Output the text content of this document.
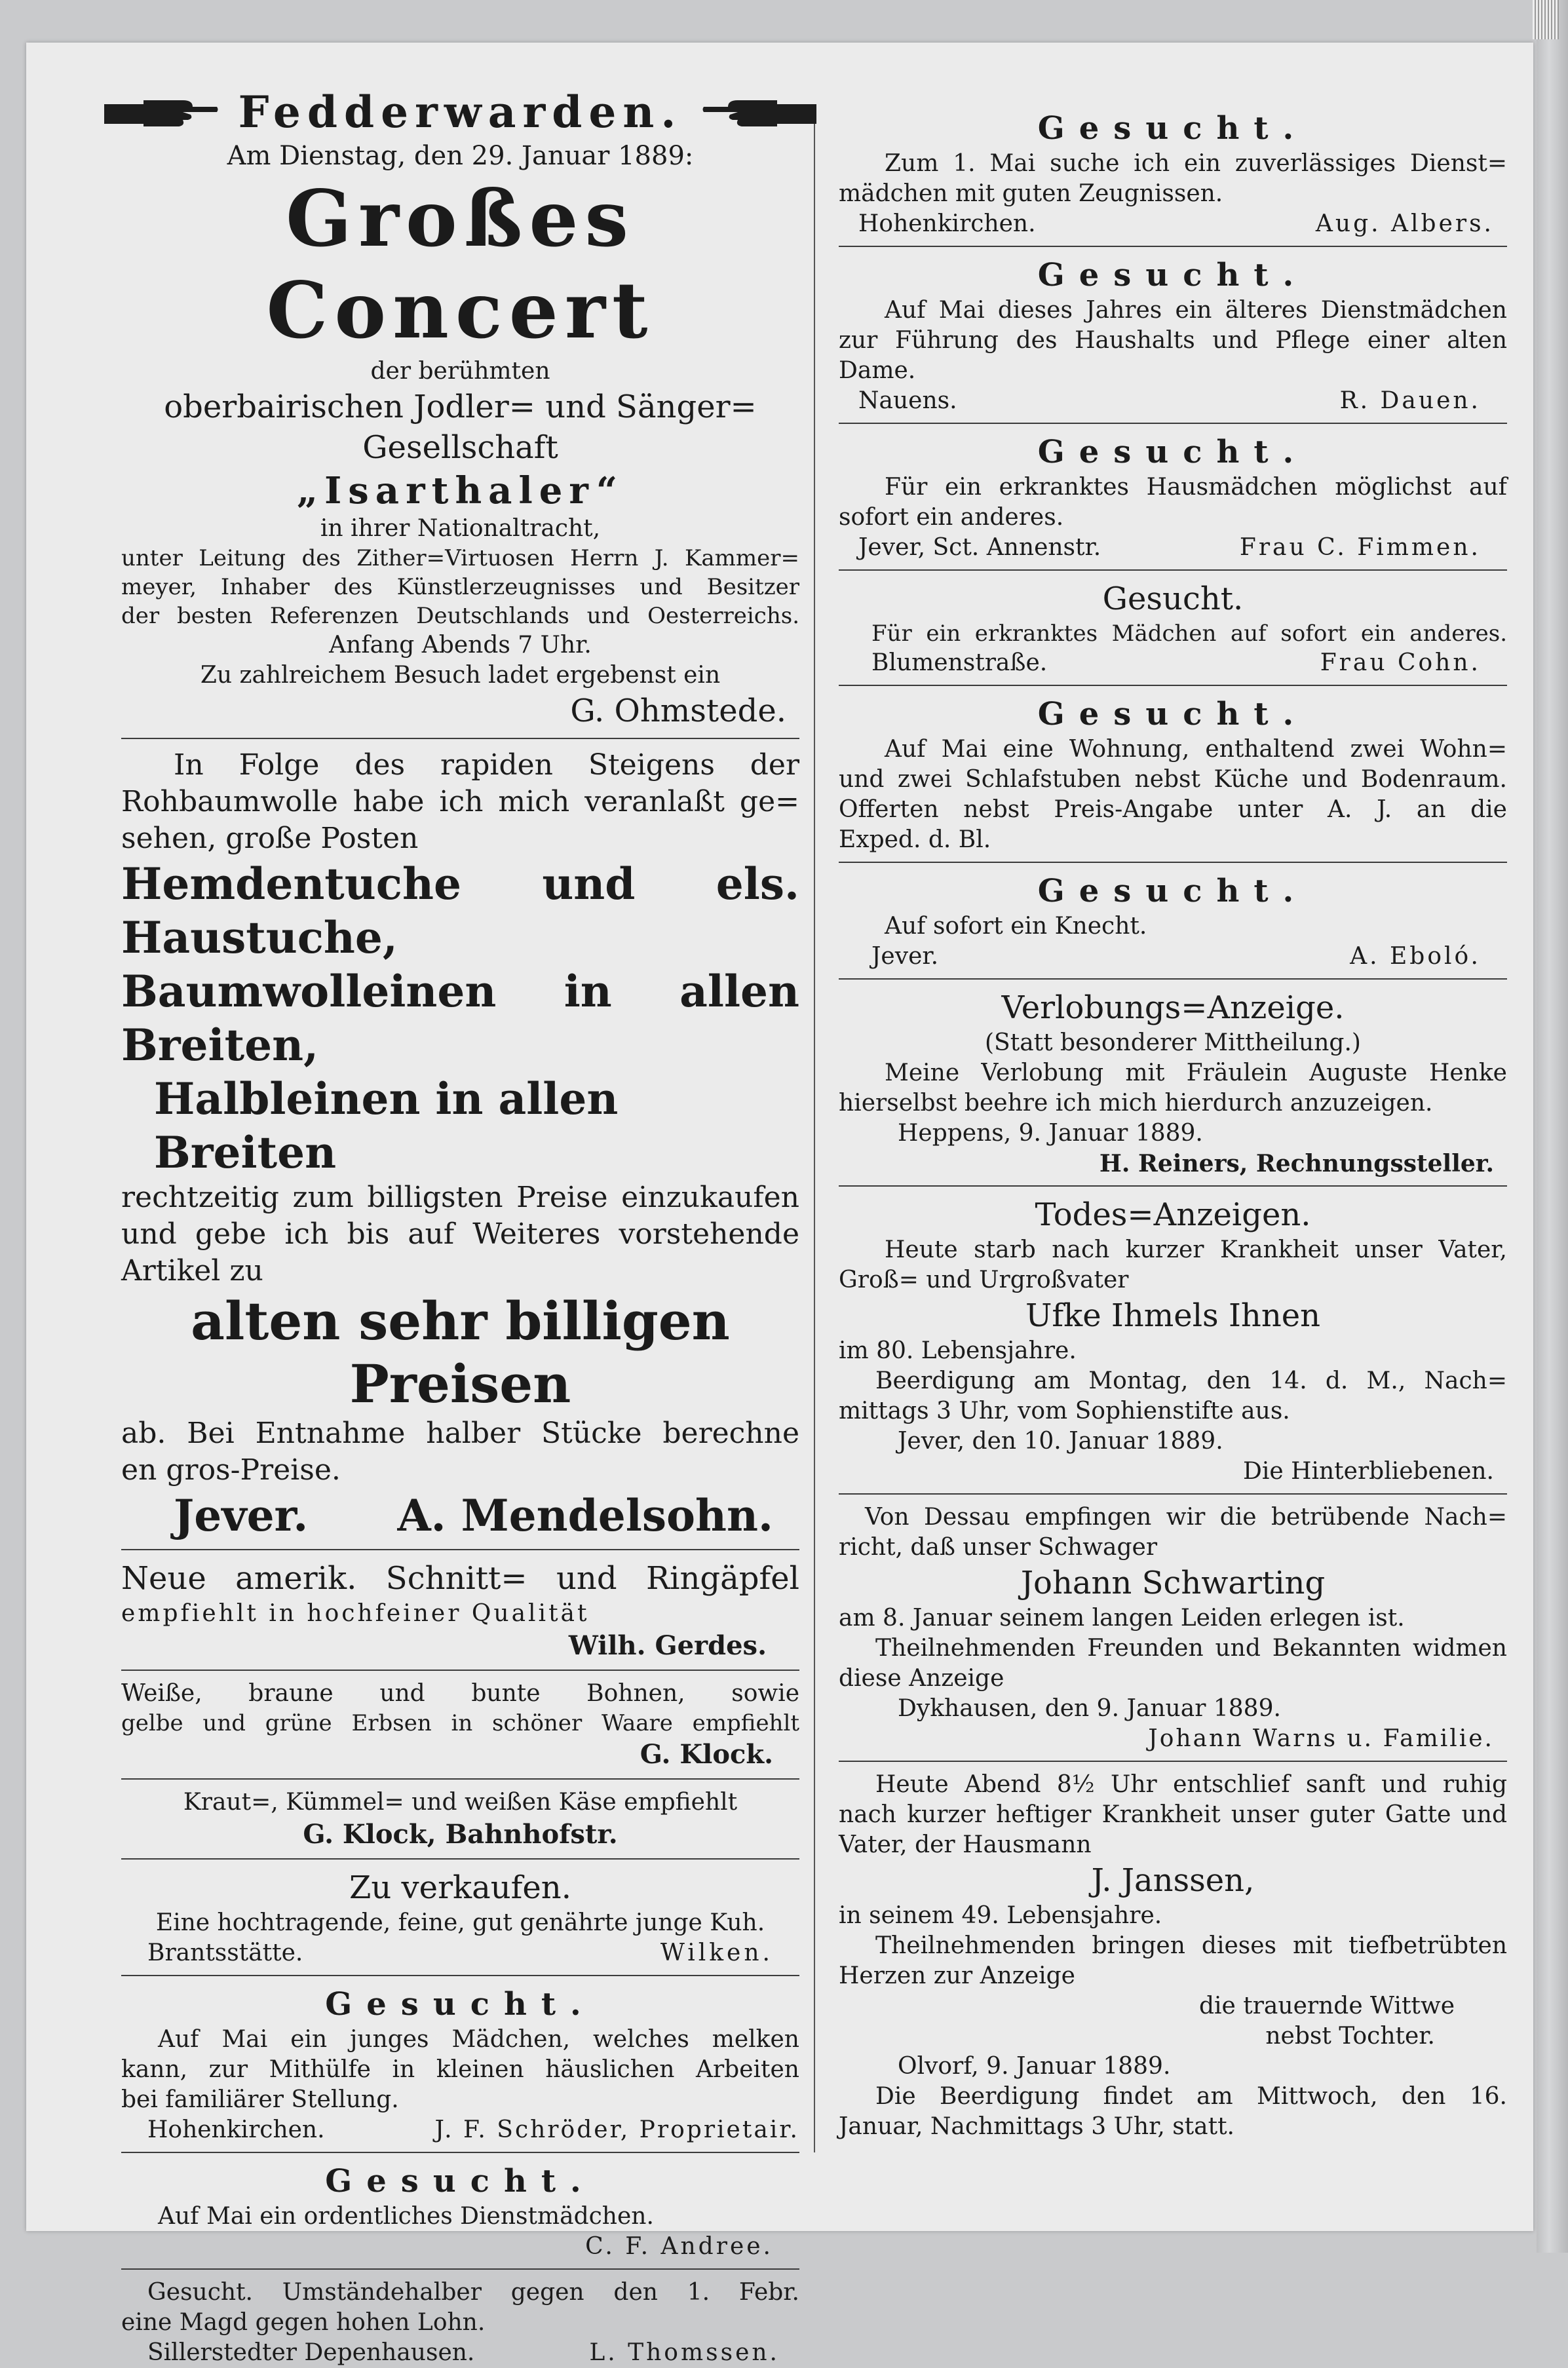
Fedderwarden.

Am Dienstag, den 29. Januar 1889:

Großes Concert

der berühmten

oberbairischen Jodler= und Sänger=

Gesellschaft

„Isarthaler“

in ihrer Nationaltracht,

unter Leitung des Zither=Virtuosen Herrn J. Kammer=

meyer, Inhaber des Künstlerzeugnisses und Besitzer

der besten Referenzen Deutschlands und Oesterreichs.

Anfang Abends 7 Uhr.

Zu zahlreichem Besuch ladet ergebenst ein

G. Ohmstede.

In Folge des rapiden Steigens der

Rohbaumwolle habe ich mich veranlaßt ge=

sehen, große Posten

Hemdentuche und els. Haustuche,

Baumwolleinen in allen Breiten,

Halbleinen in allen Breiten

rechtzeitig zum billigsten Preise einzukaufen

und gebe ich bis auf Weiteres vorstehende

Artikel zu

alten sehr billigen

Preisen

ab. Bei Entnahme halber Stücke berechne

en gros-Preise.

Jever. A. Mendelsohn.

Neue amerik. Schnitt= und Ringäpfel

empfiehlt in hochfeiner Qualität

Wilh. Gerdes.

Weiße, braune und bunte Bohnen, sowie

gelbe und grüne Erbsen in schöner Waare empfiehlt

G. Klock.

Kraut=, Kümmel= und weißen Käse empfiehlt

G. Klock, Bahnhofstr.

Zu verkaufen.

Eine hochtragende, feine, gut genährte junge Kuh.

Brantsstätte.	Wilken.

Gesucht.

Auf Mai ein junges Mädchen, welches melken

kann, zur Mithülfe in kleinen häuslichen Arbeiten

bei familiärer Stellung.

Hohenkirchen.	J. F. Schröder, Proprietair.

Gesucht.

Auf Mai ein ordentliches Dienstmädchen.

C. F. Andree.

Gesucht. Umständehalber gegen den 1. Febr.

eine Magd gegen hohen Lohn.

Sillerstedter Depenhausen.	L. Thomssen.

Gesucht.

Zum 1. Mai suche ich ein zuverlässiges Dienst=

mädchen mit guten Zeugnissen.

Hohenkirchen.	Aug. Albers.

Gesucht.

Auf Mai dieses Jahres ein älteres Dienstmädchen

zur Führung des Haushalts und Pflege einer alten

Dame.

Nauens.	R. Dauen.

Gesucht.

Für ein erkranktes Hausmädchen möglichst auf

sofort ein anderes.

Jever, Sct. Annenstr.	Frau C. Fimmen.

Gesucht.

Für ein erkranktes Mädchen auf sofort ein anderes.

Blumenstraße.	Frau Cohn.

Gesucht.

Auf Mai eine Wohnung, enthaltend zwei Wohn=

und zwei Schlafstuben nebst Küche und Bodenraum.

Offerten nebst Preis-Angabe unter A. J. an die

Exped. d. Bl.

Gesucht.

Auf sofort ein Knecht.

Jever.	A. Eboló.

Verlobungs=Anzeige.

(Statt besonderer Mittheilung.)

Meine Verlobung mit Fräulein Auguste Henke

hierselbst beehre ich mich hierdurch anzuzeigen.

Heppens, 9. Januar 1889.

H. Reiners, Rechnungssteller.

Todes=Anzeigen.

Heute starb nach kurzer Krankheit unser Vater,

Groß= und Urgroßvater

Ufke Ihmels Ihnen

im 80. Lebensjahre.

Beerdigung am Montag, den 14. d. M., Nach=

mittags 3 Uhr, vom Sophienstifte aus.

Jever, den 10. Januar 1889.

Die Hinterbliebenen.

Von Dessau empfingen wir die betrübende Nach=

richt, daß unser Schwager

Johann Schwarting

am 8. Januar seinem langen Leiden erlegen ist.

Theilnehmenden Freunden und Bekannten widmen

diese Anzeige

Dykhausen, den 9. Januar 1889.

Johann Warns u. Familie.

Heute Abend 8½ Uhr entschlief sanft und ruhig

nach kurzer heftiger Krankheit unser guter Gatte und

Vater, der Hausmann

J. Janssen,

in seinem 49. Lebensjahre.

Theilnehmenden bringen dieses mit tiefbetrübten

Herzen zur Anzeige

die trauernde Wittwe

nebst Tochter.

Olvorf, 9. Januar 1889.

Die Beerdigung findet am Mittwoch, den 16.

Januar, Nachmittags 3 Uhr, statt.
